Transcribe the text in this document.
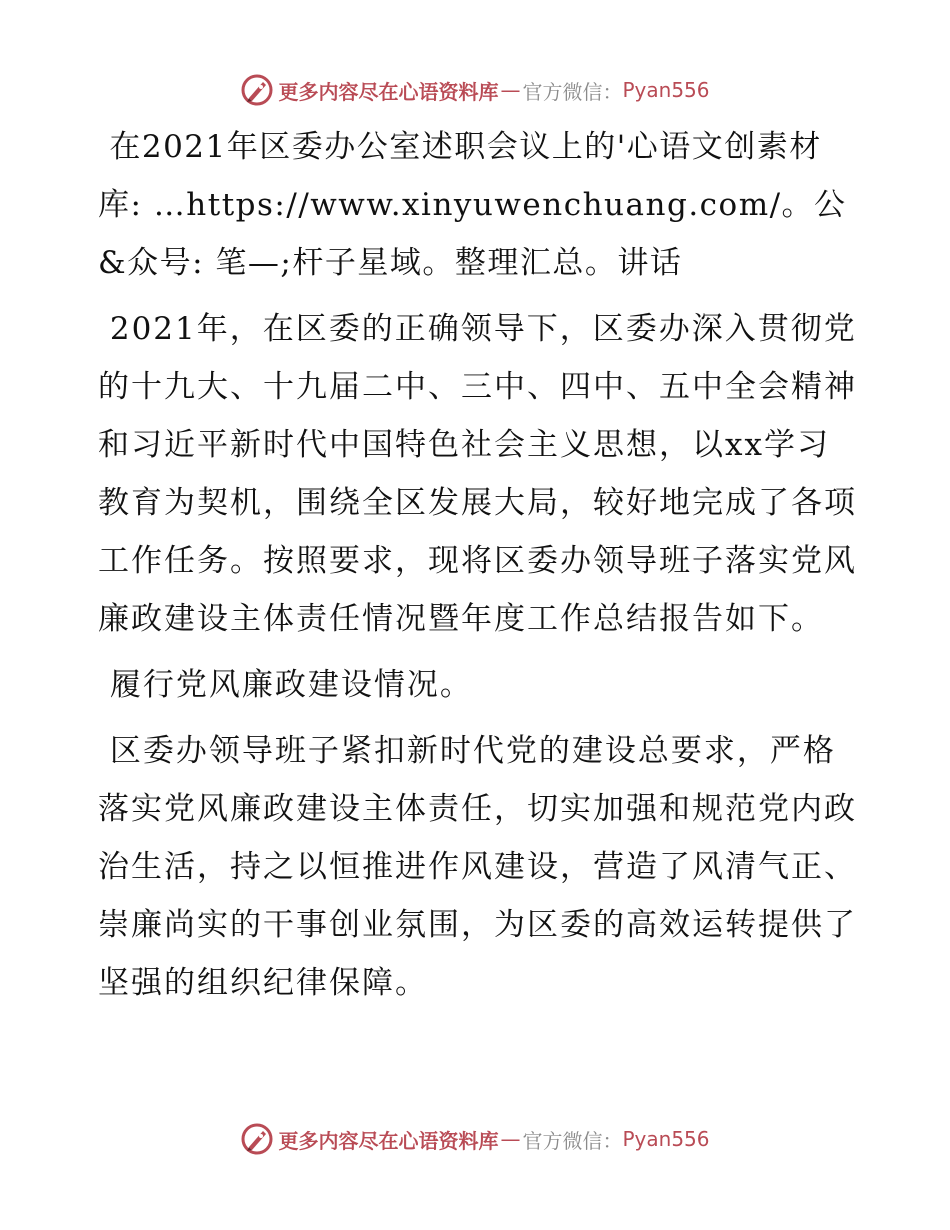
更多内容尽在心语资料库 — 官方微信： Pyan556

在2021年区委办公室述职会议上的'心语文创素材库: …https://www.xinyuwenchuang.com/。公&众号: 笔—;杆子星域。整理汇总。讲话

2021年，在区委的正确领导下，区委办深入贯彻党的十九大、十九届二中、三中、四中、五中全会精神和习近平新时代中国特色社会主义思想，以xx学习教育为契机，围绕全区发展大局，较好地完成了各项工作任务。按照要求，现将区委办领导班子落实党风廉政建设主体责任情况暨年度工作总结报告如下。

履行党风廉政建设情况。

区委办领导班子紧扣新时代党的建设总要求，严格落实党风廉政建设主体责任，切实加强和规范党内政治生活，持之以恒推进作风建设，营造了风清气正、崇廉尚实的干事创业氛围，为区委的高效运转提供了坚强的组织纪律保障。

更多内容尽在心语资料库 — 官方微信： Pyan556
